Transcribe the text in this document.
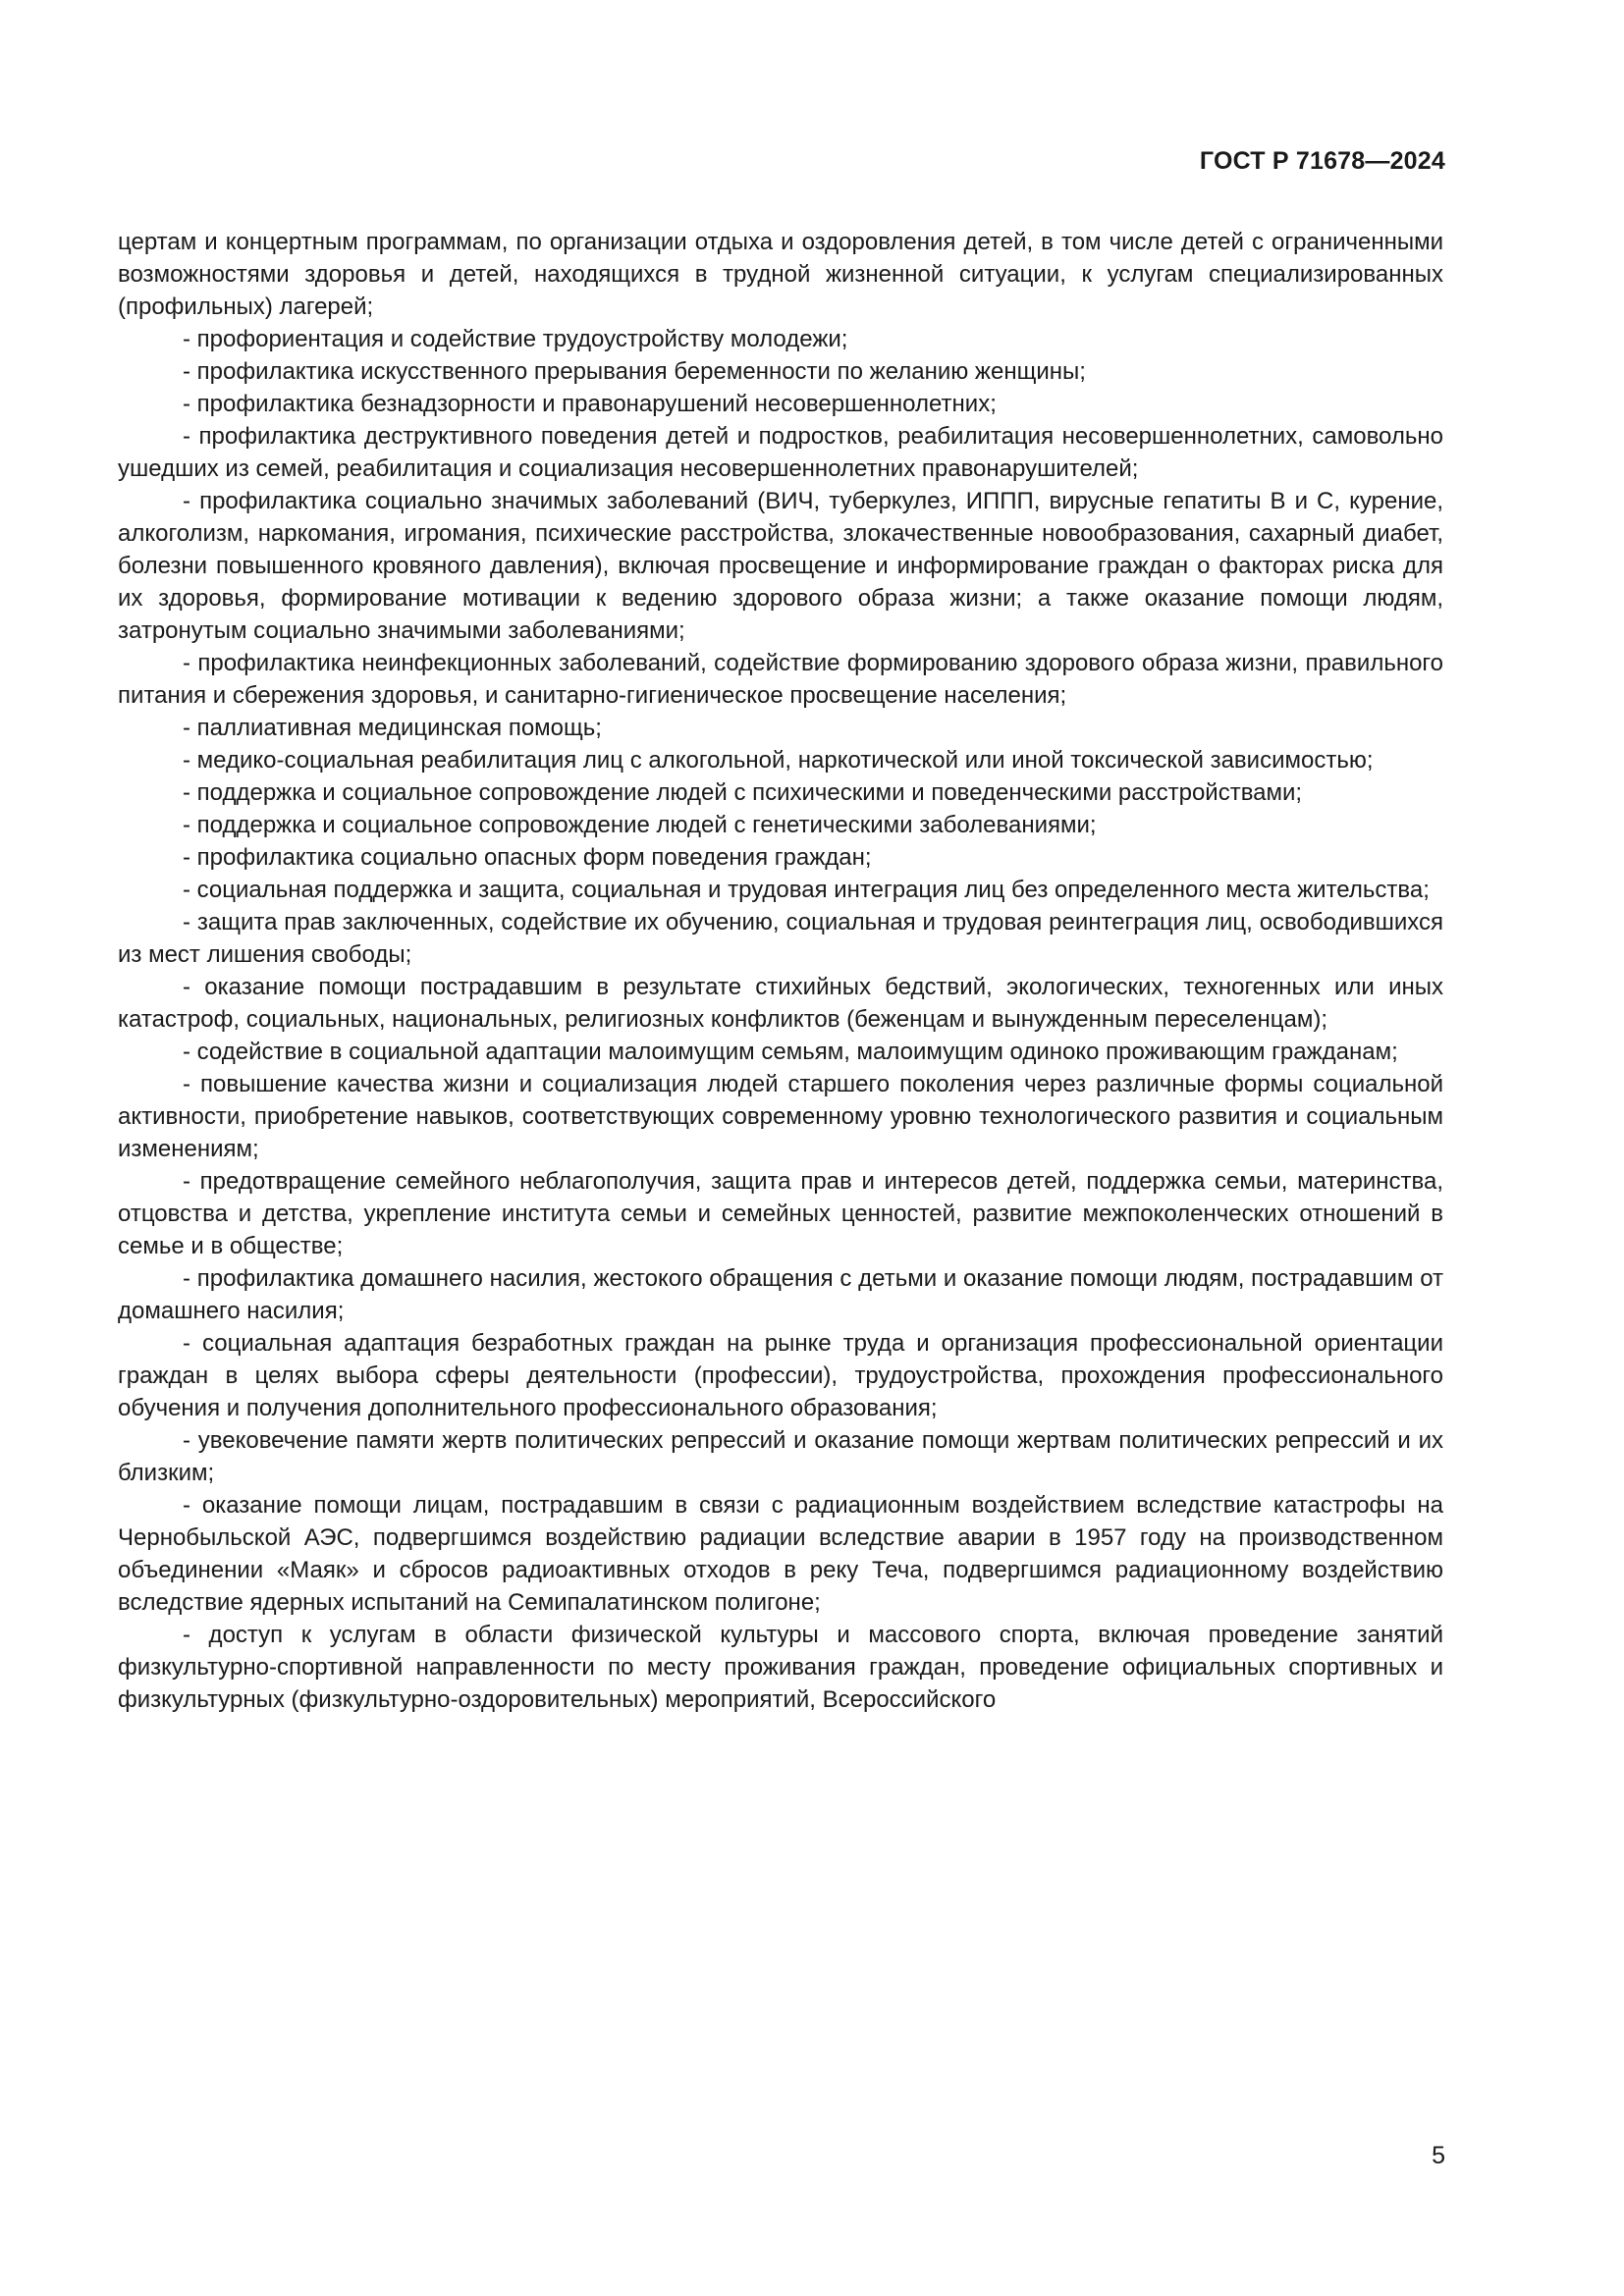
ГОСТ Р 71678—2024

цертам и концертным программам, по организации отдыха и оздоровления детей, в том числе детей с ограниченными возможностями здоровья и детей, находящихся в трудной жизненной ситуации, к услугам специализированных (профильных) лагерей;

- профориентация и содействие трудоустройству молодежи;

- профилактика искусственного прерывания беременности по желанию женщины;

- профилактика безнадзорности и правонарушений несовершеннолетних;

- профилактика деструктивного поведения детей и подростков, реабилитация несовершеннолетних, самовольно ушедших из семей, реабилитация и социализация несовершеннолетних правонарушителей;

- профилактика социально значимых заболеваний (ВИЧ, туберкулез, ИППП, вирусные гепатиты В и С, курение, алкоголизм, наркомания, игромания, психические расстройства, злокачественные новообразования, сахарный диабет, болезни повышенного кровяного давления), включая просвещение и информирование граждан о факторах риска для их здоровья, формирование мотивации к ведению здорового образа жизни; а также оказание помощи людям, затронутым социально значимыми заболеваниями;

- профилактика неинфекционных заболеваний, содействие формированию здорового образа жизни, правильного питания и сбережения здоровья, и санитарно-гигиеническое просвещение населения;

- паллиативная медицинская помощь;

- медико-социальная реабилитация лиц с алкогольной, наркотической или иной токсической зависимостью;

- поддержка и социальное сопровождение людей с психическими и поведенческими расстройствами;

- поддержка и социальное сопровождение людей с генетическими заболеваниями;

- профилактика социально опасных форм поведения граждан;

- социальная поддержка и защита, социальная и трудовая интеграция лиц без определенного места жительства;

- защита прав заключенных, содействие их обучению, социальная и трудовая реинтеграция лиц, освободившихся из мест лишения свободы;

- оказание помощи пострадавшим в результате стихийных бедствий, экологических, техногенных или иных катастроф, социальных, национальных, религиозных конфликтов (беженцам и вынужденным переселенцам);

- содействие в социальной адаптации малоимущим семьям, малоимущим одиноко проживающим гражданам;

- повышение качества жизни и социализация людей старшего поколения через различные формы социальной активности, приобретение навыков, соответствующих современному уровню технологического развития и социальным изменениям;

- предотвращение семейного неблагополучия, защита прав и интересов детей, поддержка семьи, материнства, отцовства и детства, укрепление института семьи и семейных ценностей, развитие межпоколенческих отношений в семье и в обществе;

- профилактика домашнего насилия, жестокого обращения с детьми и оказание помощи людям, пострадавшим от домашнего насилия;

- социальная адаптация безработных граждан на рынке труда и организация профессиональной ориентации граждан в целях выбора сферы деятельности (профессии), трудоустройства, прохождения профессионального обучения и получения дополнительного профессионального образования;

- увековечение памяти жертв политических репрессий и оказание помощи жертвам политических репрессий и их близким;

- оказание помощи лицам, пострадавшим в связи с радиационным воздействием вследствие катастрофы на Чернобыльской АЭС, подвергшимся воздействию радиации вследствие аварии в 1957 году на производственном объединении «Маяк» и сбросов радиоактивных отходов в реку Теча, подвергшимся радиационному воздействию вследствие ядерных испытаний на Семипалатинском полигоне;

- доступ к услугам в области физической культуры и массового спорта, включая проведение занятий физкультурно-спортивной направленности по месту проживания граждан, проведение официальных спортивных и физкультурных (физкультурно-оздоровительных) мероприятий, Всероссийского

5
